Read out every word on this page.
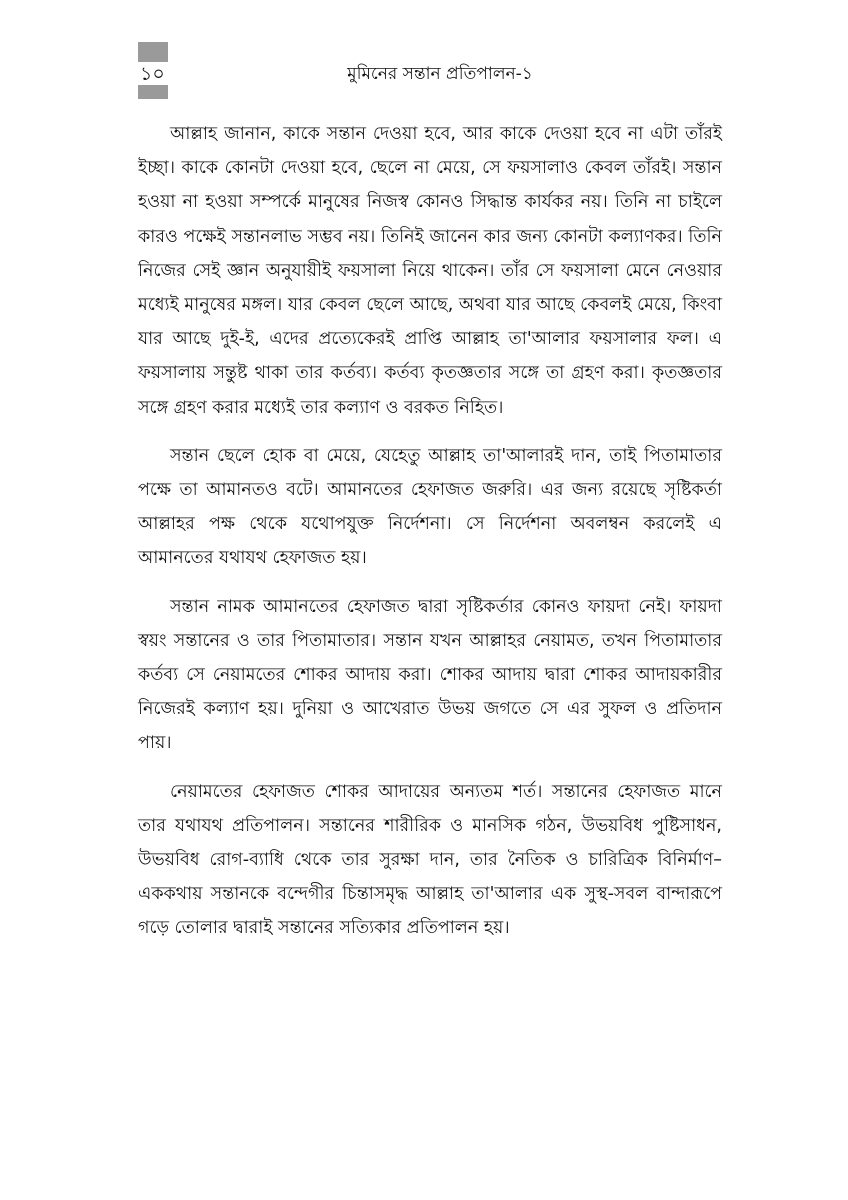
১০	মুমিনের সন্তান প্রতিপালন-১

আল্লাহ জানান, কাকে সন্তান দেওয়া হবে, আর কাকে দেওয়া হবে না এটা তাঁরই ইচ্ছা। কাকে কোনটা দেওয়া হবে, ছেলে না মেয়ে, সে ফয়সালাও কেবল তাঁরই। সন্তান হওয়া না হওয়া সম্পর্কে মানুষের নিজস্ব কোনও সিদ্ধান্ত কার্যকর নয়। তিনি না চাইলে কারও পক্ষেই সন্তানলাভ সম্ভব নয়। তিনিই জানেন কার জন্য কোনটা কল্যাণকর। তিনি নিজের সেই জ্ঞান অনুযায়ীই ফয়সালা নিয়ে থাকেন। তাঁর সে ফয়সালা মেনে নেওয়ার মধ্যেই মানুষের মঙ্গল। যার কেবল ছেলে আছে, অথবা যার আছে কেবলই মেয়ে, কিংবা যার আছে দুই-ই, এদের প্রত্যেকেরই প্রাপ্তি আল্লাহ তা'আলার ফয়সালার ফল। এ ফয়সালায় সন্তুষ্ট থাকা তার কর্তব্য। কর্তব্য কৃতজ্ঞতার সঙ্গে তা গ্রহণ করা। কৃতজ্ঞতার সঙ্গে গ্রহণ করার মধ্যেই তার কল্যাণ ও বরকত নিহিত।

সন্তান ছেলে হোক বা মেয়ে, যেহেতু আল্লাহ তা'আলারই দান, তাই পিতামাতার পক্ষে তা আমানতও বটে। আমানতের হেফাজত জরুরি। এর জন্য রয়েছে সৃষ্টিকর্তা আল্লাহর পক্ষ থেকে যথোপযুক্ত নির্দেশনা। সে নির্দেশনা অবলম্বন করলেই এ আমানতের যথাযথ হেফাজত হয়।

সন্তান নামক আমানতের হেফাজত দ্বারা সৃষ্টিকর্তার কোনও ফায়দা নেই। ফায়দা স্বয়ং সন্তানের ও তার পিতামাতার। সন্তান যখন আল্লাহর নেয়ামত, তখন পিতামাতার কর্তব্য সে নেয়ামতের শোকর আদায় করা। শোকর আদায় দ্বারা শোকর আদায়কারীর নিজেরই কল্যাণ হয়। দুনিয়া ও আখেরাত উভয় জগতে সে এর সুফল ও প্রতিদান পায়।

নেয়ামতের হেফাজত শোকর আদায়ের অন্যতম শর্ত। সন্তানের হেফাজত মানে তার যথাযথ প্রতিপালন। সন্তানের শারীরিক ও মানসিক গঠন, উভয়বিধ পুষ্টিসাধন, উভয়বিধ রোগ-ব্যাধি থেকে তার সুরক্ষা দান, তার নৈতিক ও চারিত্রিক বিনির্মাণ–এককথায় সন্তানকে বন্দেগীর চিন্তাসমৃদ্ধ আল্লাহ তা'আলার এক সুস্থ-সবল বান্দারূপে গড়ে তোলার দ্বারাই সন্তানের সত্যিকার প্রতিপালন হয়।
